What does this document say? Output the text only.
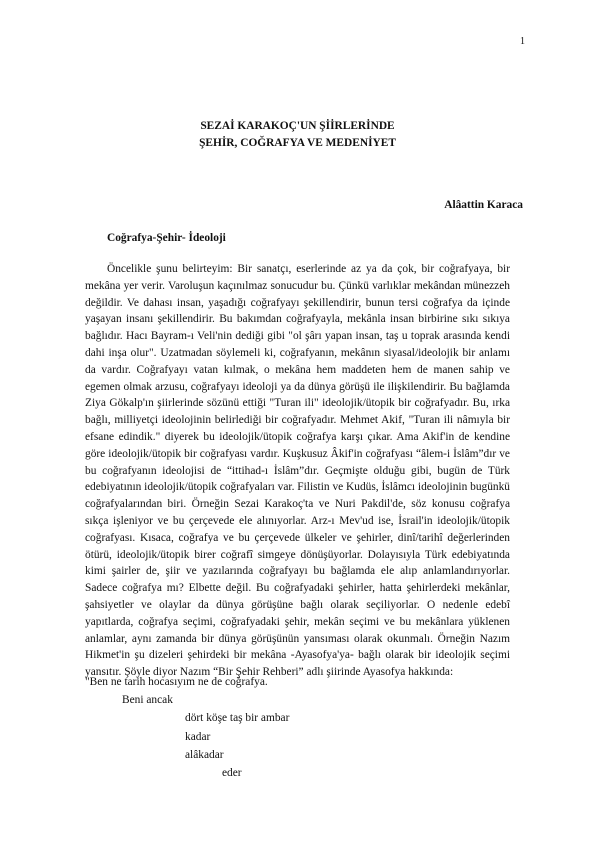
1
SEZAİ KARAKOÇ'UN ŞİİRLERİNDE
ŞEHİR, COĞRAFYA VE MEDENİYET
Alâattin Karaca
Coğrafya-Şehir- İdeoloji
Öncelikle şunu belirteyim: Bir sanatçı, eserlerinde az ya da çok, bir coğrafyaya, bir mekâna yer verir. Varoluşun kaçınılmaz sonucudur bu. Çünkü varlıklar mekândan münezzeh değildir. Ve dahası insan, yaşadığı coğrafyayı şekillendirir, bunun tersi coğrafya da içinde yaşayan insanı şekillendirir. Bu bakımdan coğrafyayla, mekânla insan birbirine sıkı sıkıya bağlıdır. Hacı Bayram-ı Veli'nin dediği gibi "ol şârı yapan insan, taş u toprak arasında kendi dahi inşa olur". Uzatmadan söylemeli ki, coğrafyanın, mekânın siyasal/ideolojik bir anlamı da vardır. Coğrafyayı vatan kılmak, o mekâna hem maddeten hem de manen sahip ve egemen olmak arzusu, coğrafyayı ideoloji ya da dünya görüşü ile ilişkilendirir. Bu bağlamda Ziya Gökalp'ın şiirlerinde sözünü ettiği "Turan ili" ideolojik/ütopik bir coğrafyadır. Bu, ırka bağlı, milliyetçi ideolojinin belirlediği bir coğrafyadır. Mehmet Akif, "Turan ili nâmıyla bir efsane edindik." diyerek bu ideolojik/ütopik coğrafya karşı çıkar. Ama Akif'in de kendine göre ideolojik/ütopik bir coğrafyası vardır. Kuşkusuz Âkif'in coğrafyası “âlem-i İslâm”dır ve bu coğrafyanın ideolojisi de “ittihad-ı İslâm”dır. Geçmişte olduğu gibi, bugün de Türk edebiyatının ideolojik/ütopik coğrafyaları var. Filistin ve Kudüs, İslâmcı ideolojinin bugünkü coğrafyalarından biri. Örneğin Sezai Karakoç'ta ve Nuri Pakdil'de, söz konusu coğrafya sıkça işleniyor ve bu çerçevede ele alınıyorlar. Arz-ı Mev'ud ise, İsrail'in ideolojik/ütopik coğrafyası. Kısaca, coğrafya ve bu çerçevede ülkeler ve şehirler, dinî/tarihî değerlerinden ötürü, ideolojik/ütopik birer coğrafî simgeye dönüşüyorlar. Dolayısıyla Türk edebiyatında kimi şairler de, şiir ve yazılarında coğrafyayı bu bağlamda ele alıp anlamlandırıyorlar. Sadece coğrafya mı? Elbette değil. Bu coğrafyadaki şehirler, hatta şehirlerdeki mekânlar, şahsiyetler ve olaylar da dünya görüşüne bağlı olarak seçiliyorlar. O nedenle edebî yapıtlarda, coğrafya seçimi, coğrafyadaki şehir, mekân seçimi ve bu mekânlara yüklenen anlamlar, aynı zamanda bir dünya görüşünün yansıması olarak okunmalı. Örneğin Nazım Hikmet'in şu dizeleri şehirdeki bir mekâna -Ayasofya'ya- bağlı olarak bir ideolojik seçimi yansıtır. Şöyle diyor Nazım “Bir Şehir Rehberi” adlı şiirinde Ayasofya hakkında:
"Ben ne tarih hocasıyım ne de coğrafya.
Beni ancak
dört köşe taş bir ambar
kadar
alâkadar
eder
